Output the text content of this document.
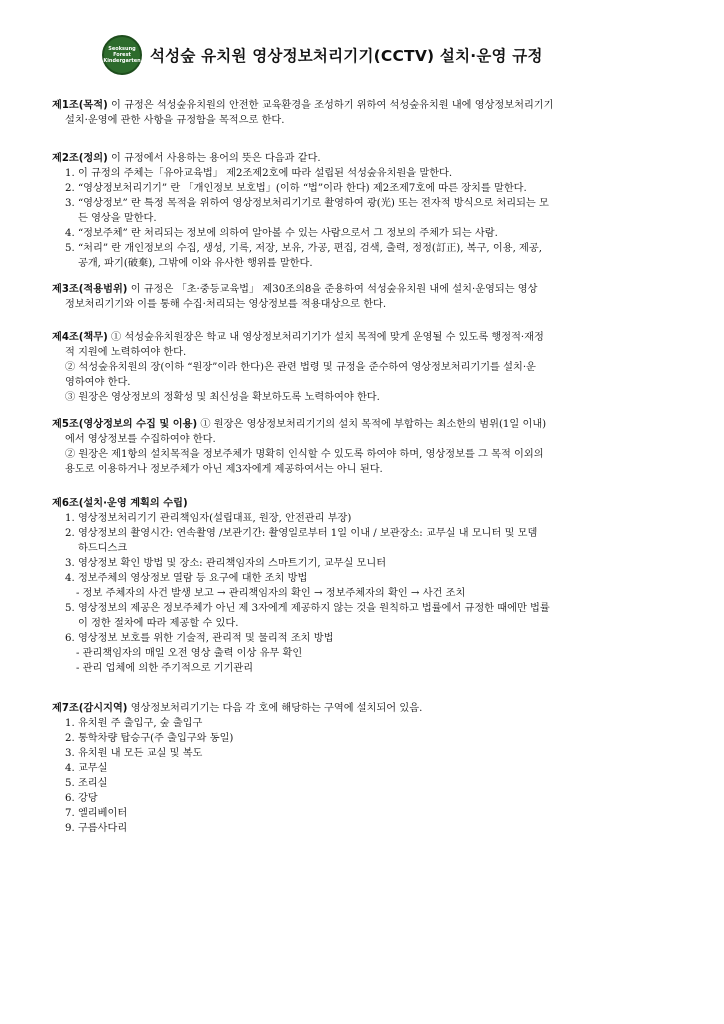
Seoksung
Forest
Kindergarten 석성숲 유치원 영상정보처리기기(CCTV) 설치·운영 규정

제1조(목적) 이 규정은 석성숲유치원의 안전한 교육환경을 조성하기 위하여 석성숲유치원 내에 영상정보처리기기

설치·운영에 관한 사항을 규정함을 목적으로 한다.

제2조(정의) 이 규정에서 사용하는 용어의 뜻은 다음과 같다.

1. 이 규정의 주체는「유아교육법」 제2조제2호에 따라 설립된 석성숲유치원을 말한다.

2. “영상정보처리기기” 란 「개인정보 보호법」(이하 “법”이라 한다) 제2조제7호에 따른 장치를 말한다.

3. “영상정보” 란 특정 목적을 위하여 영상정보처리기기로 촬영하여 광(光) 또는 전자적 방식으로 처리되는 모

든 영상을 말한다.

4. “정보주체” 란 처리되는 정보에 의하여 알아볼 수 있는 사람으로서 그 정보의 주체가 되는 사람.

5. “처리” 란 개인정보의 수집, 생성, 기록, 저장, 보유, 가공, 편집, 검색, 출력, 정정(訂正), 복구, 이용, 제공,

공개, 파기(破棄), 그밖에 이와 유사한 행위를 말한다.

제3조(적용범위) 이 규정은 「초·중등교육법」 제30조의8을 준용하여 석성숲유치원 내에 설치·운영되는 영상

정보처리기기와 이를 통해 수집·처리되는 영상정보를 적용대상으로 한다.

제4조(책무) ① 석성숲유치원장은 학교 내 영상정보처리기기가 설치 목적에 맞게 운영될 수 있도록 행정적·재정

적 지원에 노력하여야 한다.

② 석성숲유치원의 장(이하 “원장”이라 한다)은 관련 법령 및 규정을 준수하여 영상정보처리기기를 설치·운

영하여야 한다.

③ 원장은 영상정보의 정확성 및 최신성을 확보하도록 노력하여야 한다.

제5조(영상정보의 수집 및 이용) ① 원장은 영상정보처리기기의 설치 목적에 부합하는 최소한의 범위(1일 이내)

에서 영상정보를 수집하여야 한다.

② 원장은 제1항의 설치목적을 정보주체가 명확히 인식할 수 있도록 하여야 하며, 영상정보를 그 목적 이외의

용도로 이용하거나 정보주체가 아닌 제3자에게 제공하여서는 아니 된다.

제6조(설치·운영 계획의 수립)

1. 영상정보처리기기 관리책임자(설립대표, 원장, 안전관리 부장)

2. 영상정보의 촬영시간: 연속촬영 /보관기간: 촬영일로부터 1일 이내 / 보관장소: 교무실 내 모니터 및 모뎀

하드디스크

3. 영상정보 확인 방법 및 장소: 관리책임자의 스마트기기, 교무실 모니터

4. 정보주체의 영상정보 열람 등 요구에 대한 조치 방법

- 정보 주체자의 사건 발생 보고 → 관리책임자의 확인 → 정보주체자의 확인 → 사건 조치

5. 영상정보의 제공은 정보주체가 아닌 제 3자에게 제공하지 않는 것을 원칙하고 법률에서 규정한 때에만 법률

이 정한 절차에 따라 제공할 수 있다.

6. 영상정보 보호를 위한 기술적, 관리적 및 물리적 조치 방법

- 관리책임자의 매일 오전 영상 출력 이상 유무 확인

- 관리 업체에 의한 주기적으로 기기관리

제7조(감시지역) 영상정보처리기기는 다음 각 호에 해당하는 구역에 설치되어 있음.

1. 유치원 주 출입구, 숲 출입구

2. 통학차량 탑승구(주 출입구와 동일)

3. 유치원 내 모든 교실 및 복도

4. 교무실

5. 조리실

6. 강당

7. 엘리베이터

9. 구름사다리
